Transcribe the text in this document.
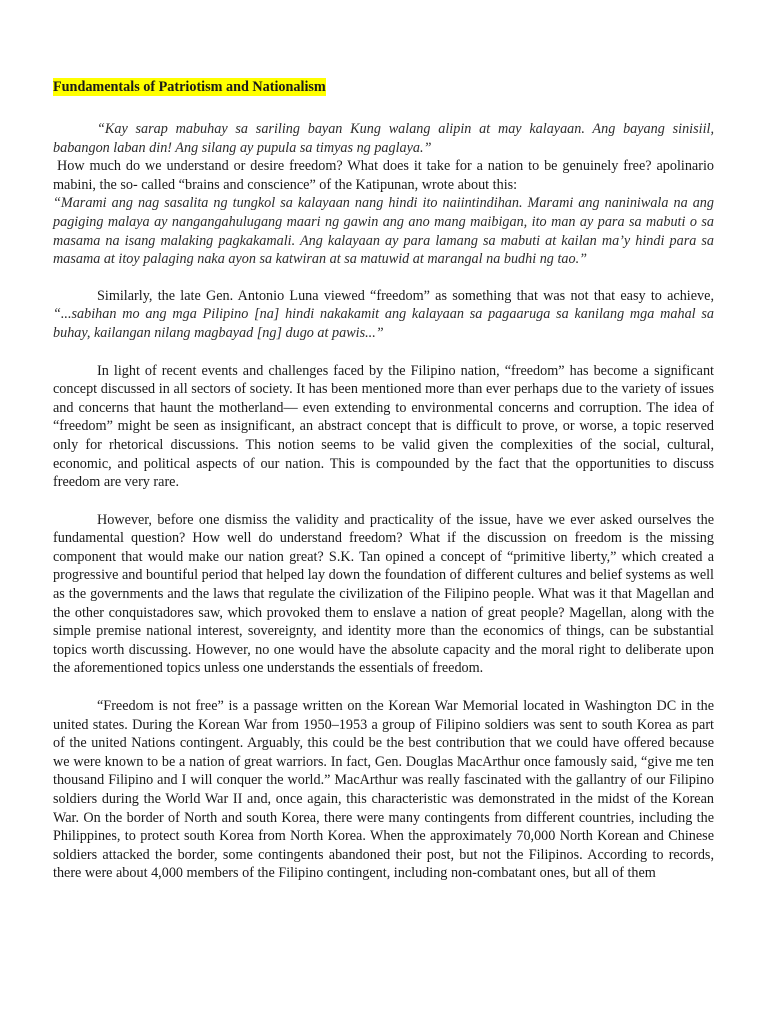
Fundamentals of Patriotism and Nationalism

“Kay sarap mabuhay sa sariling bayan Kung walang alipin at may kalayaan. Ang bayang sinisiil, babangon laban din! Ang silang ay pupula sa timyas ng paglaya.”

How much do we understand or desire freedom? What does it take for a nation to be genuinely free? apolinario mabini, the so- called “brains and conscience” of the Katipunan, wrote about this:

“Marami ang nag sasalita ng tungkol sa kalayaan nang hindi ito naiintindihan. Marami ang naniniwala na ang pagiging malaya ay nangangahulugang maari ng gawin ang ano mang maibigan, ito man ay para sa mabuti o sa masama na isang malaking pagkakamali. Ang kalayaan ay para lamang sa mabuti at kailan ma’y hindi para sa masama at itoy palaging naka ayon sa katwiran at sa matuwid at marangal na budhi ng tao.”

Similarly, the late Gen. Antonio Luna viewed “freedom” as something that was not that easy to achieve, “...sabihan mo ang mga Pilipino [na] hindi nakakamit ang kalayaan sa pagaaruga sa kanilang mga mahal sa buhay, kailangan nilang magbayad [ng] dugo at pawis...”

In light of recent events and challenges faced by the Filipino nation, “freedom” has become a significant concept discussed in all sectors of society. It has been mentioned more than ever perhaps due to the variety of issues and concerns that haunt the motherland— even extending to environmental concerns and corruption. The idea of “freedom” might be seen as insignificant, an abstract concept that is difficult to prove, or worse, a topic reserved only for rhetorical discussions. This notion seems to be valid given the complexities of the social, cultural, economic, and political aspects of our nation. This is compounded by the fact that the opportunities to discuss freedom are very rare.

However, before one dismiss the validity and practicality of the issue, have we ever asked ourselves the fundamental question? How well do understand freedom? What if the discussion on freedom is the missing component that would make our nation great? S.K. Tan opined a concept of “primitive liberty,” which created a progressive and bountiful period that helped lay down the foundation of different cultures and belief systems as well as the governments and the laws that regulate the civilization of the Filipino people. What was it that Magellan and the other conquistadores saw, which provoked them to enslave a nation of great people? Magellan, along with the simple premise national interest, sovereignty, and identity more than the economics of things, can be substantial topics worth discussing. However, no one would have the absolute capacity and the moral right to deliberate upon the aforementioned topics unless one understands the essentials of freedom.

“Freedom is not free” is a passage written on the Korean War Memorial located in Washington DC in the united states. During the Korean War from 1950–1953 a group of Filipino soldiers was sent to south Korea as part of the united Nations contingent. Arguably, this could be the best contribution that we could have offered because we were known to be a nation of great warriors. In fact, Gen. Douglas MacArthur once famously said, “give me ten thousand Filipino and I will conquer the world.” MacArthur was really fascinated with the gallantry of our Filipino soldiers during the World War II and, once again, this characteristic was demonstrated in the midst of the Korean War. On the border of North and south Korea, there were many contingents from different countries, including the Philippines, to protect south Korea from North Korea. When the approximately 70,000 North Korean and Chinese soldiers attacked the border, some contingents abandoned their post, but not the Filipinos. According to records, there were about 4,000 members of the Filipino contingent, including non-combatant ones, but all of them
